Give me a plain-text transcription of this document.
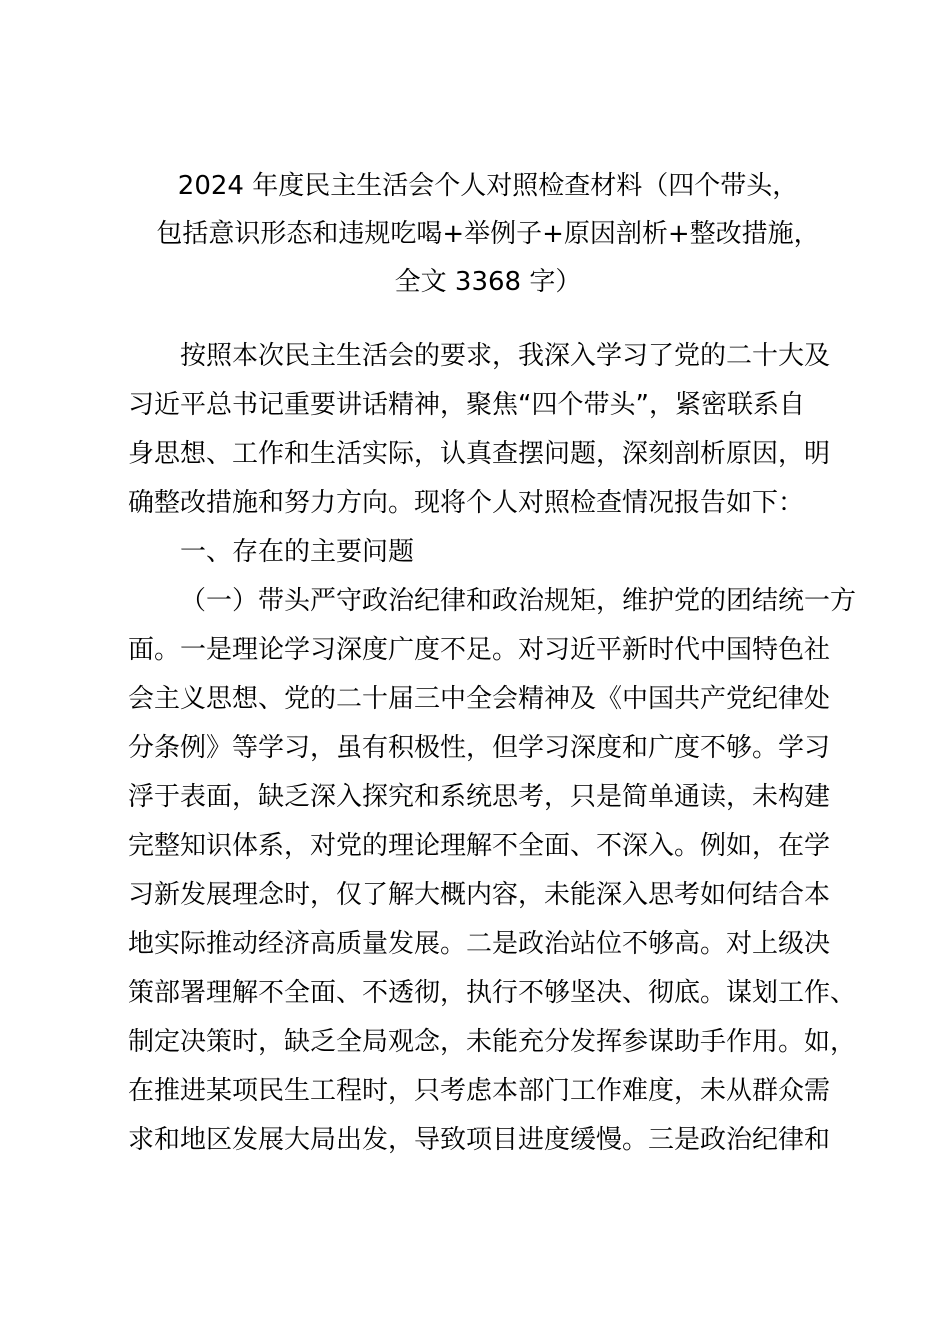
2024 年度民主生活会个人对照检查材料（四个带头，
包括意识形态和违规吃喝+举例子+原因剖析+整改措施，
全文 3368 字）
按照本次民主生活会的要求，我深入学习了党的二十大及
习近平总书记重要讲话精神，聚焦“四个带头”，紧密联系自
身思想、工作和生活实际，认真查摆问题，深刻剖析原因，明
确整改措施和努力方向。现将个人对照检查情况报告如下：
一、存在的主要问题
（一）带头严守政治纪律和政治规矩，维护党的团结统一方
面。一是理论学习深度广度不足。对习近平新时代中国特色社
会主义思想、党的二十届三中全会精神及《中国共产党纪律处
分条例》等学习，虽有积极性，但学习深度和广度不够。学习
浮于表面，缺乏深入探究和系统思考，只是简单通读，未构建
完整知识体系，对党的理论理解不全面、不深入。例如，在学
习新发展理念时，仅了解大概内容，未能深入思考如何结合本
地实际推动经济高质量发展。二是政治站位不够高。对上级决
策部署理解不全面、不透彻，执行不够坚决、彻底。谋划工作、
制定决策时，缺乏全局观念，未能充分发挥参谋助手作用。如，
在推进某项民生工程时，只考虑本部门工作难度，未从群众需
求和地区发展大局出发，导致项目进度缓慢。三是政治纪律和
